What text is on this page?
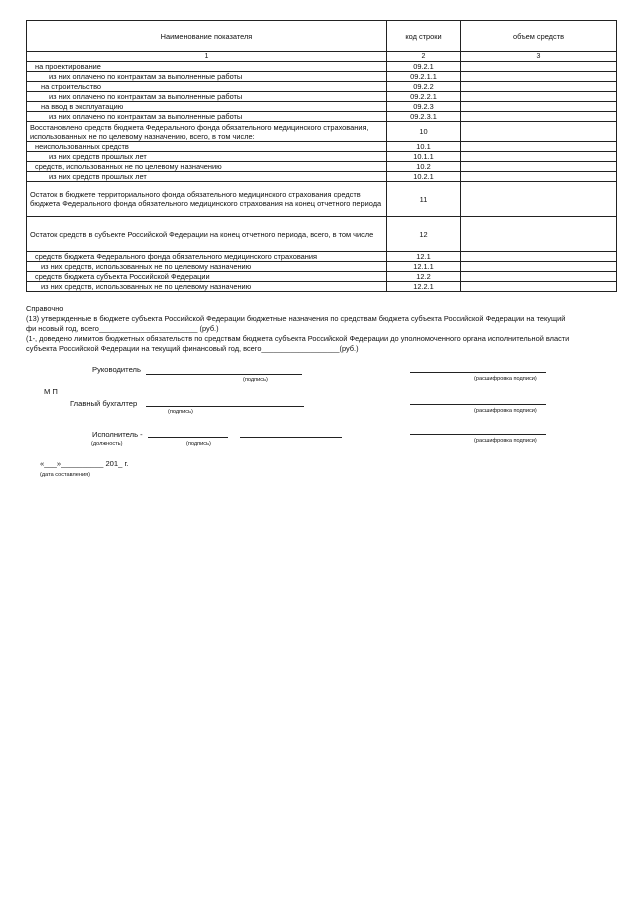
Наименование показателя	код строки	объем средств
1	2	3
на проектирование	09.2.1	
из них оплачено по контрактам за выполненные работы	09.2.1.1	
на строительство	09.2.2	
из них оплачено по контрактам за выполненные работы	09.2.2.1	
на ввод в эксплуатацию	09.2.3	
из них оплачено по контрактам за выполненные работы	09.2.3.1	
Восстановлено средств бюджета Федерального фонда обязательного медицинского страхования, использованных не по целевому назначению, всего, в том числе:	10	
неиспользованных средств	10.1	
из них средств прошлых лет	10.1.1	
средств, использованных не по целевому назначению	10.2	
из них средств прошлых лет	10.2.1	
Остаток в бюджете территориального фонда обязательного медицинского страхования средств бюджета Федерального фонда обязательного медицинского страхования на конец отчетного периода	11	
Остаток средств в субъекте Российской Федерации на конец отчетного периода, всего, в том числе	12	
средств бюджета Федерального фонда обязательного медицинского страхования	12.1	
из них средств, использованных не по целевому назначению	12.1.1	
средств бюджета субъекта Российской Федерации	12.2	
из них средств, использованных не по целевому назначению	12.2.1	
Справочно
(13) утвержденные в бюджете субъекта Российской Федерации бюджетные назначения по средствам бюджета субъекта Российской Федерации на текущий
фи нсовый год, всего________________________ (руб.)
(1-, доведено лимитов бюджетных обязательств по средствам бюджета субъекта Российской Федерации до уполномоченного органа исполнительной власти
субъекта Российской Федерации на текущий финансовый год, всего___________________(руб.)
Руководитель
(подпись)	(расшифровка подписи)
М П
Главный бухгалтер
(подпись)	(расшифровка подписи)
Исполнитель -
(должность)	(подпись)	(расшифровка подписи)
«___»__________ 201_ г.
(дата составления)
